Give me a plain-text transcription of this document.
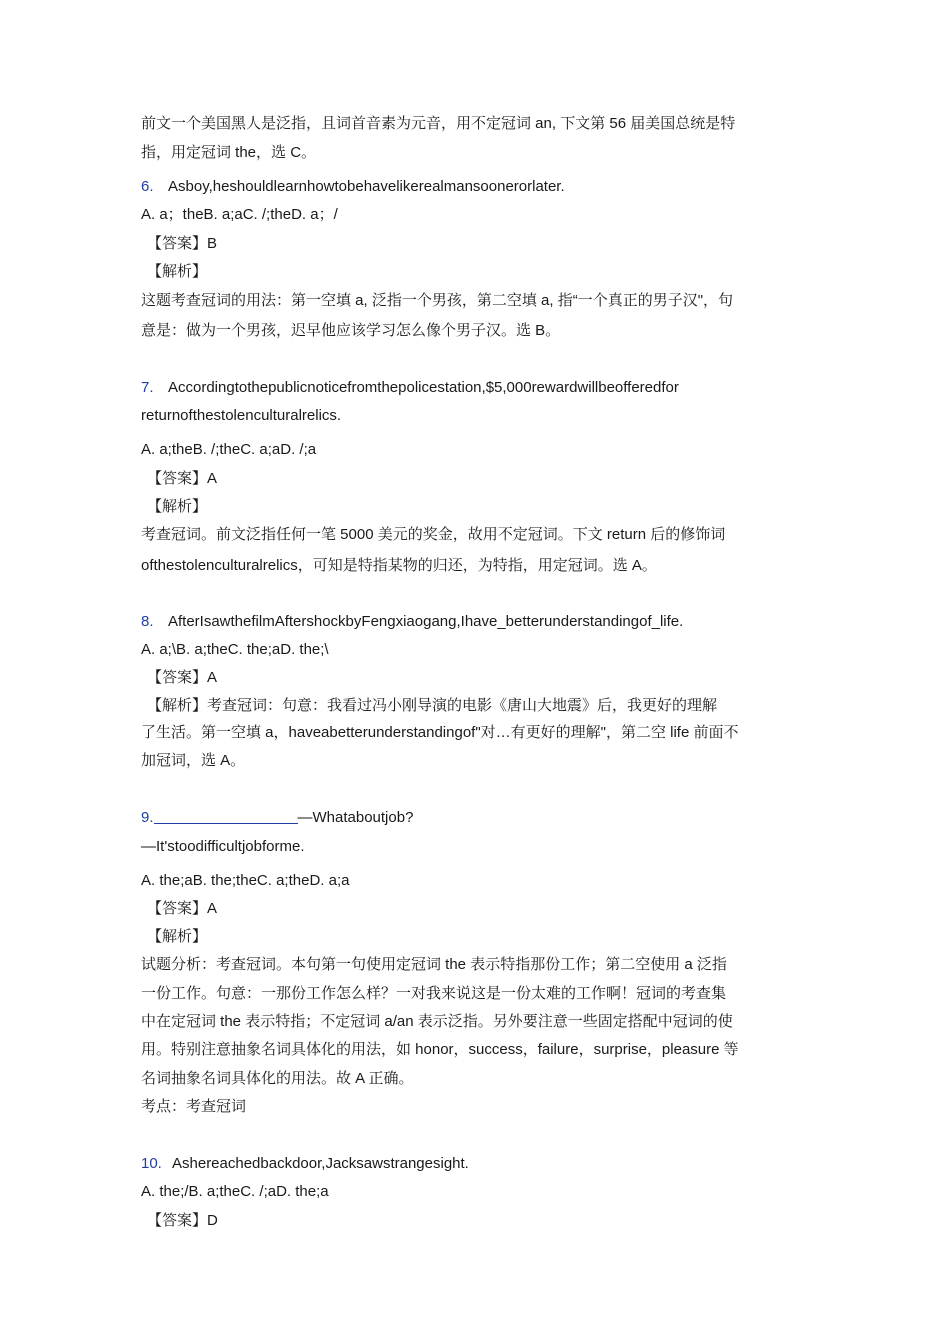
前文一个美国黑人是泛指，且词首音素为元音，用不定冠词 an, 下文第 56 届美国总统是特
指，用定冠词 the，选 C。
6. Asboy,heshouldlearnhowtobehavelikerealmansoonerorlater.
A. a；theB. a;aC. /;theD. a；/
【答案】B
【解析】
这题考查冠词的用法：第一空填 a, 泛指一个男孩，第二空填 a, 指“一个真正的男子汉"，句
意是：做为一个男孩，迟早他应该学习怎么像个男子汉。选 B。
7. Accordingtothepublicnoticefromthepolicestation,$5,000rewardwillbeofferedfor
returnofthestolenculturalrelics.
A. a;theB. /;theC. a;aD. /;a
【答案】A
【解析】
考查冠词。前文泛指任何一笔 5000 美元的奖金，故用不定冠词。下文 return 后的修饰词
ofthestolenculturalrelics，可知是特指某物的归还，为特指，用定冠词。选 A。
8. AfterIsawthefilmAftershockbyFengxiaogang,Ihave_betterunderstandingof_life.
A. a;\B. a;theC. the;aD. the;\
【答案】A
【解析】考查冠词：句意：我看过冯小刚导演的电影《唐山大地震》后，我更好的理解
了生活。第一空填 a，haveabetterunderstandingof"对…有更好的理解"，第二空 life 前面不
加冠词，选 A。
9.	—Whataboutjob?
—It'stoodifficultjobforme.
A. the;aB. the;theC. a;theD. a;a
【答案】A
【解析】
试题分析：考查冠词。本句第一句使用定冠词 the 表示特指那份工作；第二空使用 a 泛指
一份工作。句意：一那份工作怎么样？一对我来说这是一份太难的工作啊！冠词的考查集
中在定冠词 the 表示特指；不定冠词 a/an 表示泛指。另外要注意一些固定搭配中冠词的使
用。特别注意抽象名词具体化的用法，如 honor，success，failure，surprise，pleasure 等
名词抽象名词具体化的用法。故 A 正确。
考点：考查冠词
10. Ashereachedbackdoor,Jacksawstrangesight.
A. the;/B. a;theC. /;aD. the;a
【答案】D
